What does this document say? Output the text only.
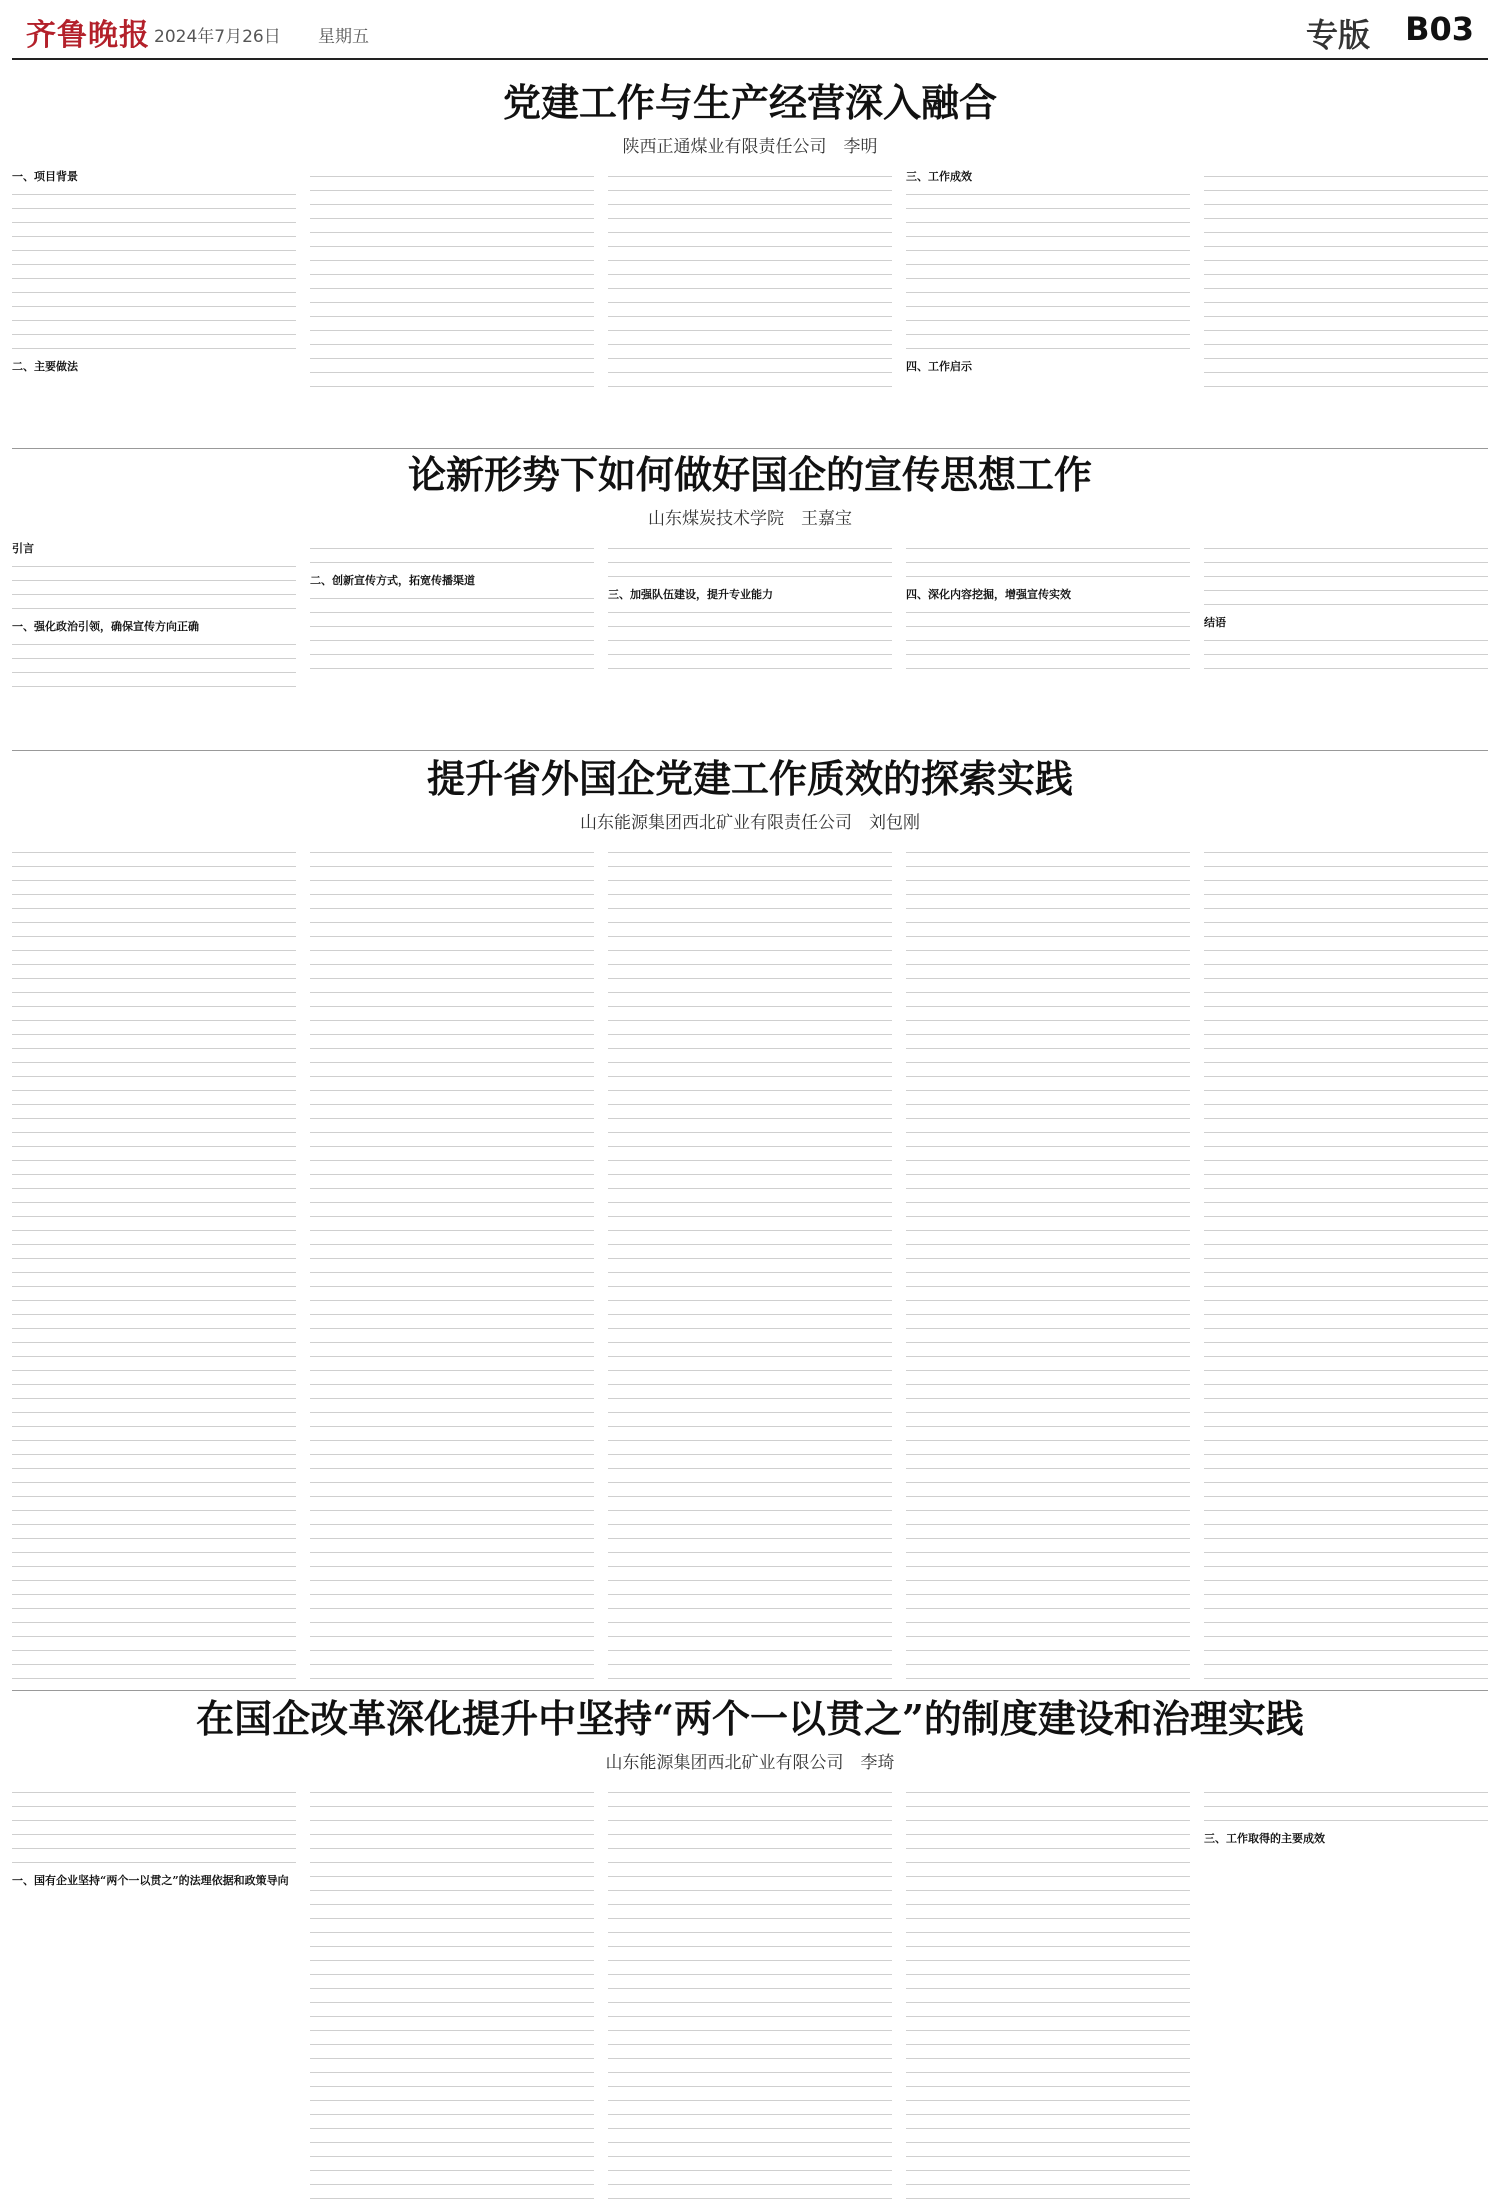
齐鲁晚报 2024年7月26日 星期五	专版 B03
党建工作与生产经营深入融合
陕西正通煤业有限责任公司　李明
一、项目背景
二、主要做法
三、工作成效
四、工作启示
论新形势下如何做好国企的宣传思想工作
山东煤炭技术学院　王嘉宝
引言
一、强化政治引领，确保宣传方向正确
二、创新宣传方式，拓宽传播渠道
三、加强队伍建设，提升专业能力	四、深化内容挖掘，增强宣传实效
结语
提升省外国企党建工作质效的探索实践
山东能源集团西北矿业有限责任公司　刘包刚
在国企改革深化提升中坚持“两个一以贯之”的制度建设和治理实践
山东能源集团西北矿业有限公司　李琦
一、国有企业坚持“两个一以贯之”的法理依据和政策导向
三、工作取得的主要成效
